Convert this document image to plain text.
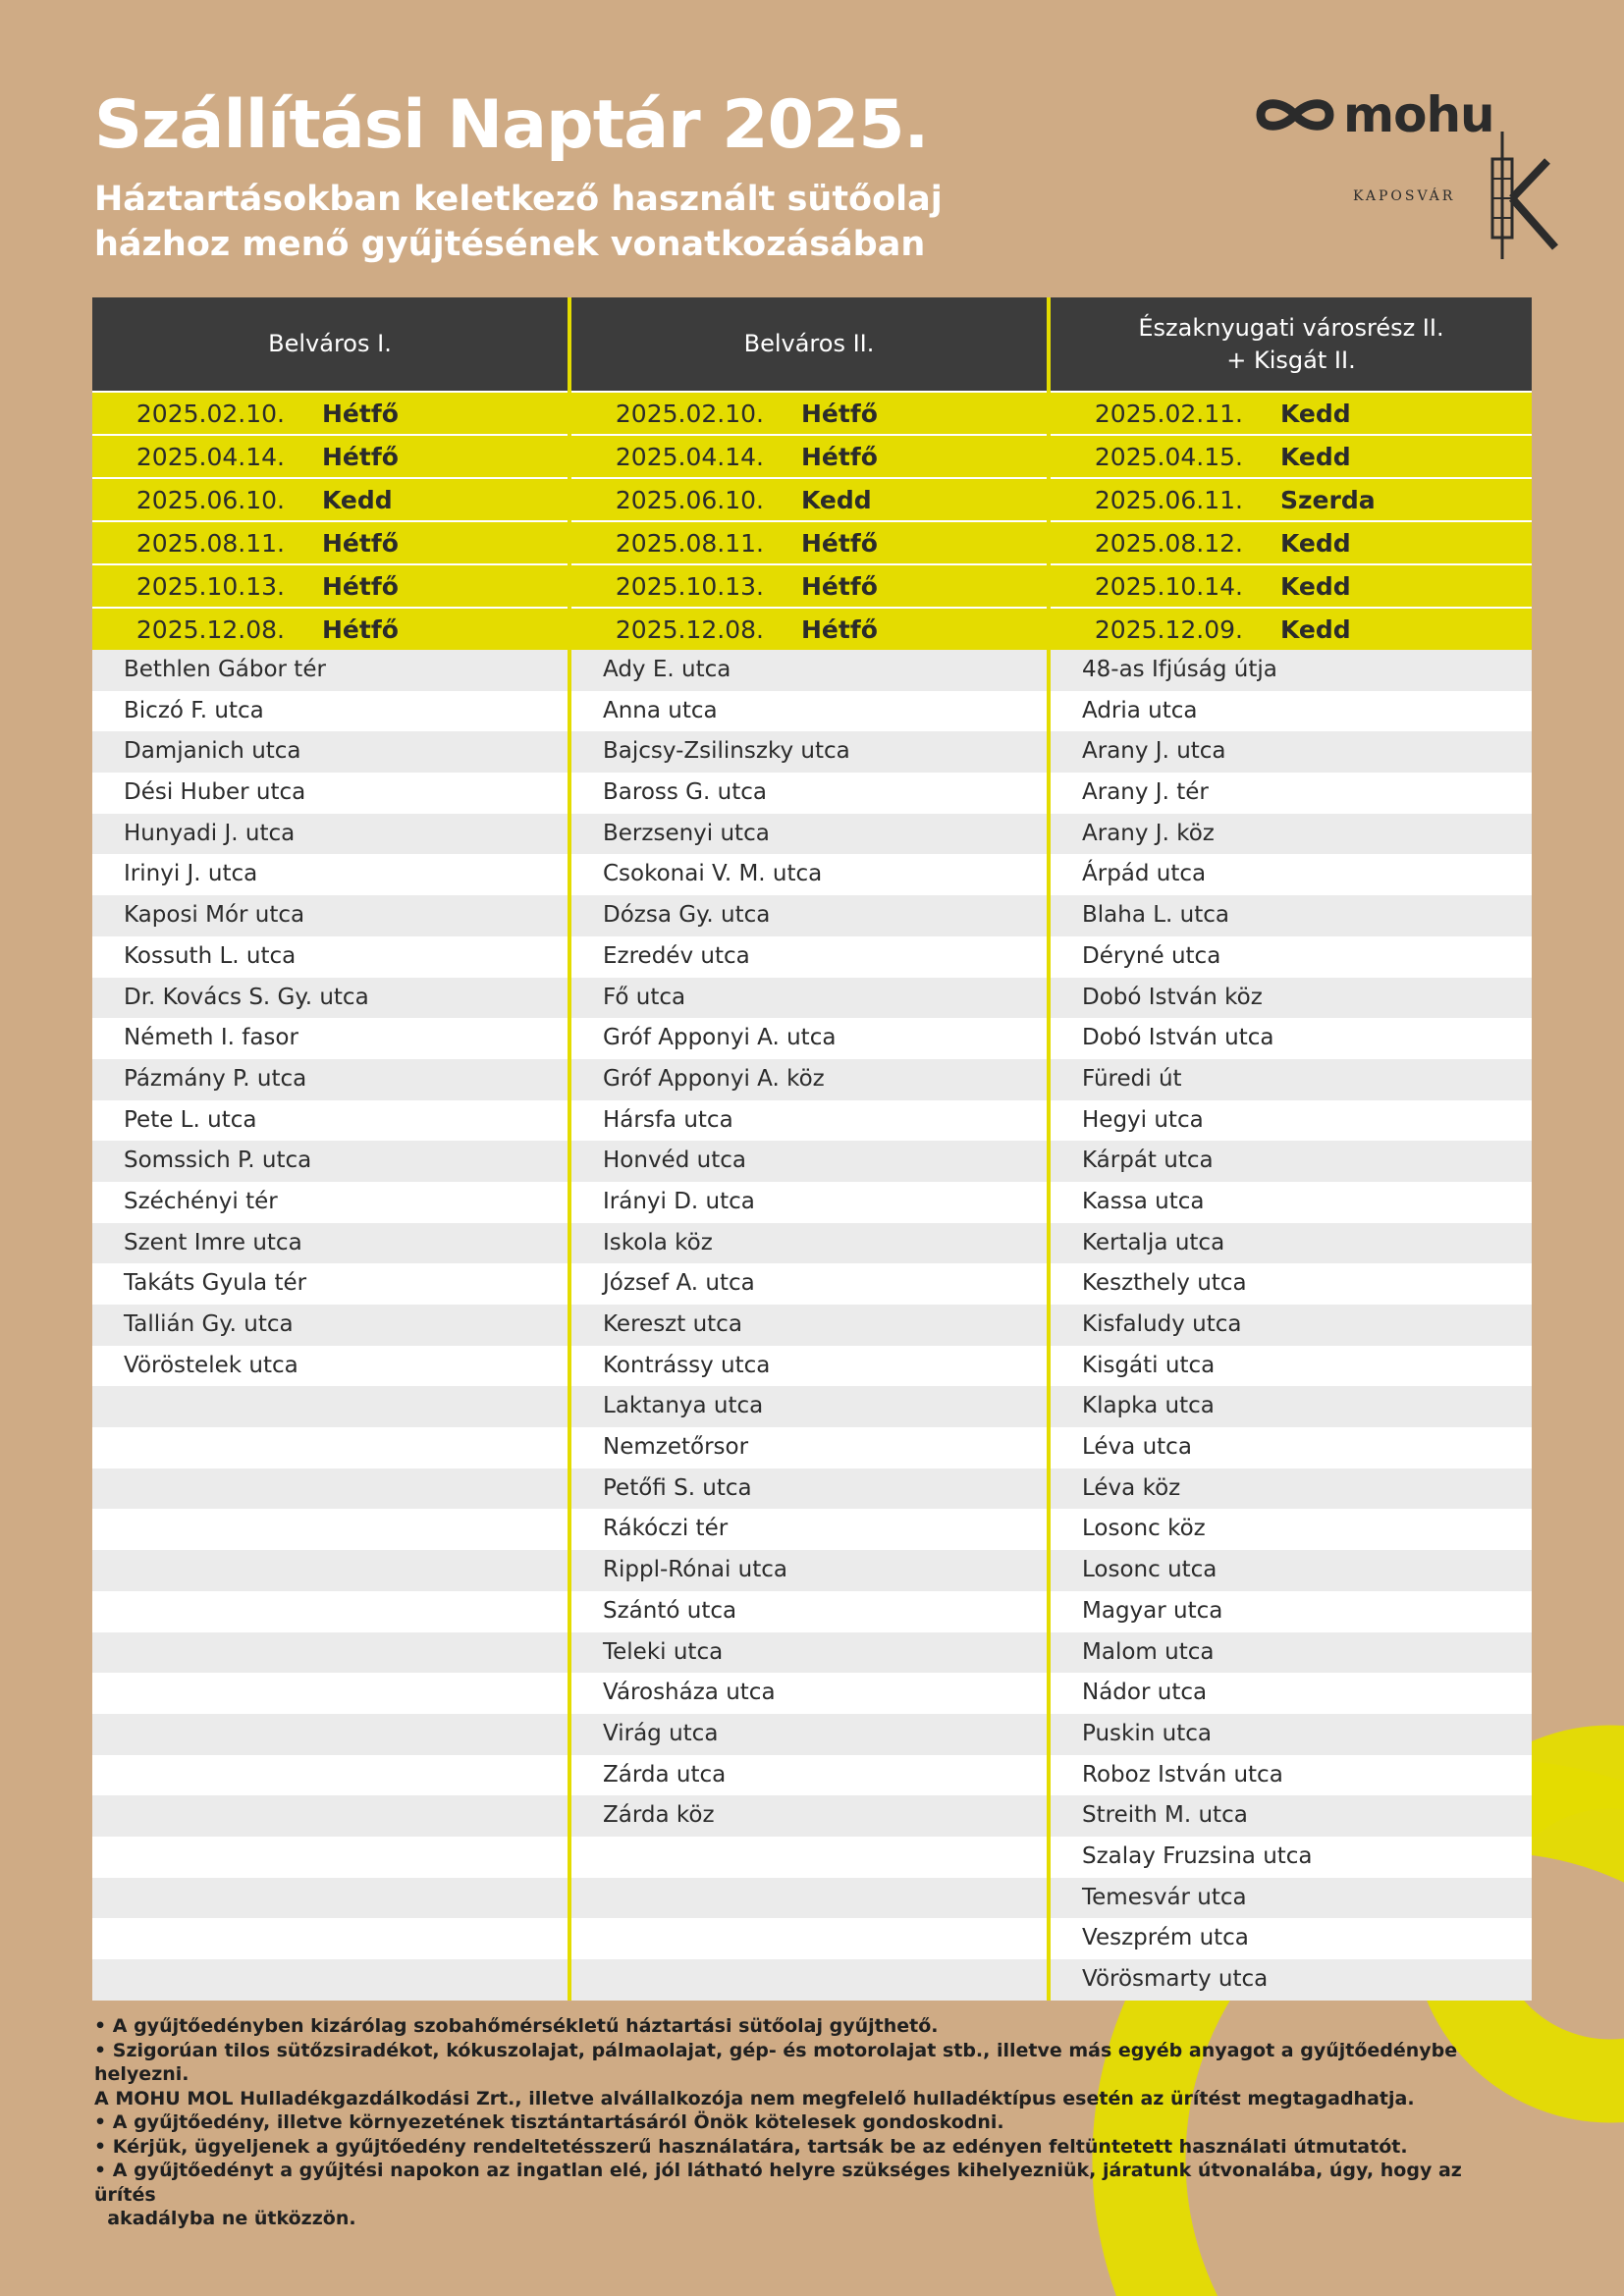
Szállítási Naptár 2025.
Háztartásokban keletkező használt sütőolaj
házhoz menő gyűjtésének vonatkozásában
mohu
KAPOSVÁR
Belváros I.
2025.02.10. Hétfő
2025.04.14. Hétfő
2025.06.10. Kedd
2025.08.11. Hétfő
2025.10.13. Hétfő
2025.12.08. Hétfő
Bethlen Gábor tér
Biczó F. utca
Damjanich utca
Dési Huber utca
Hunyadi J. utca
Irinyi J. utca
Kaposi Mór utca
Kossuth L. utca
Dr. Kovács S. Gy. utca
Németh I. fasor
Pázmány P. utca
Pete L. utca
Somssich P. utca
Széchényi tér
Szent Imre utca
Takáts Gyula tér
Tallián Gy. utca
Vöröstelek utca
Belváros II.
2025.02.10. Hétfő
2025.04.14. Hétfő
2025.06.10. Kedd
2025.08.11. Hétfő
2025.10.13. Hétfő
2025.12.08. Hétfő
Ady E. utca
Anna utca
Bajcsy-Zsilinszky utca
Baross G. utca
Berzsenyi utca
Csokonai V. M. utca
Dózsa Gy. utca
Ezredév utca
Fő utca
Gróf Apponyi A. utca
Gróf Apponyi A. köz
Hársfa utca
Honvéd utca
Irányi D. utca
Iskola köz
József A. utca
Kereszt utca
Kontrássy utca
Laktanya utca
Nemzetőrsor
Petőfi S. utca
Rákóczi tér
Rippl-Rónai utca
Szántó utca
Teleki utca
Városháza utca
Virág utca
Zárda utca
Zárda köz
Északnyugati városrész II.
+ Kisgát II.
2025.02.11. Kedd
2025.04.15. Kedd
2025.06.11. Szerda
2025.08.12. Kedd
2025.10.14. Kedd
2025.12.09. Kedd
48-as Ifjúság útja
Adria utca
Arany J. utca
Arany J. tér
Arany J. köz
Árpád utca
Blaha L. utca
Déryné utca
Dobó István köz
Dobó István utca
Füredi út
Hegyi utca
Kárpát utca
Kassa utca
Kertalja utca
Keszthely utca
Kisfaludy utca
Kisgáti utca
Klapka utca
Léva utca
Léva köz
Losonc köz
Losonc utca
Magyar utca
Malom utca
Nádor utca
Puskin utca
Roboz István utca
Streith M. utca
Szalay Fruzsina utca
Temesvár utca
Veszprém utca
Vörösmarty utca
• A gyűjtőedényben kizárólag szobahőmérsékletű háztartási sütőolaj gyűjthető.
• Szigorúan tilos sütőzsiradékot, kókuszolajat, pálmaolajat, gép- és motorolajat stb., illetve más egyéb anyagot a gyűjtőedénybe helyezni.
A MOHU MOL Hulladékgazdálkodási Zrt., illetve alvállalkozója nem megfelelő hulladéktípus esetén az ürítést megtagadhatja.
• A gyűjtőedény, illetve környezetének tisztántartásáról Önök kötelesek gondoskodni.
• Kérjük, ügyeljenek a gyűjtőedény rendeltetésszerű használatára, tartsák be az edényen feltüntetett használati útmutatót.
• A gyűjtőedényt a gyűjtési napokon az ingatlan elé, jól látható helyre szükséges kihelyezniük, járatunk útvonalába, úgy, hogy az ürítés
akadályba ne ütközzön.
